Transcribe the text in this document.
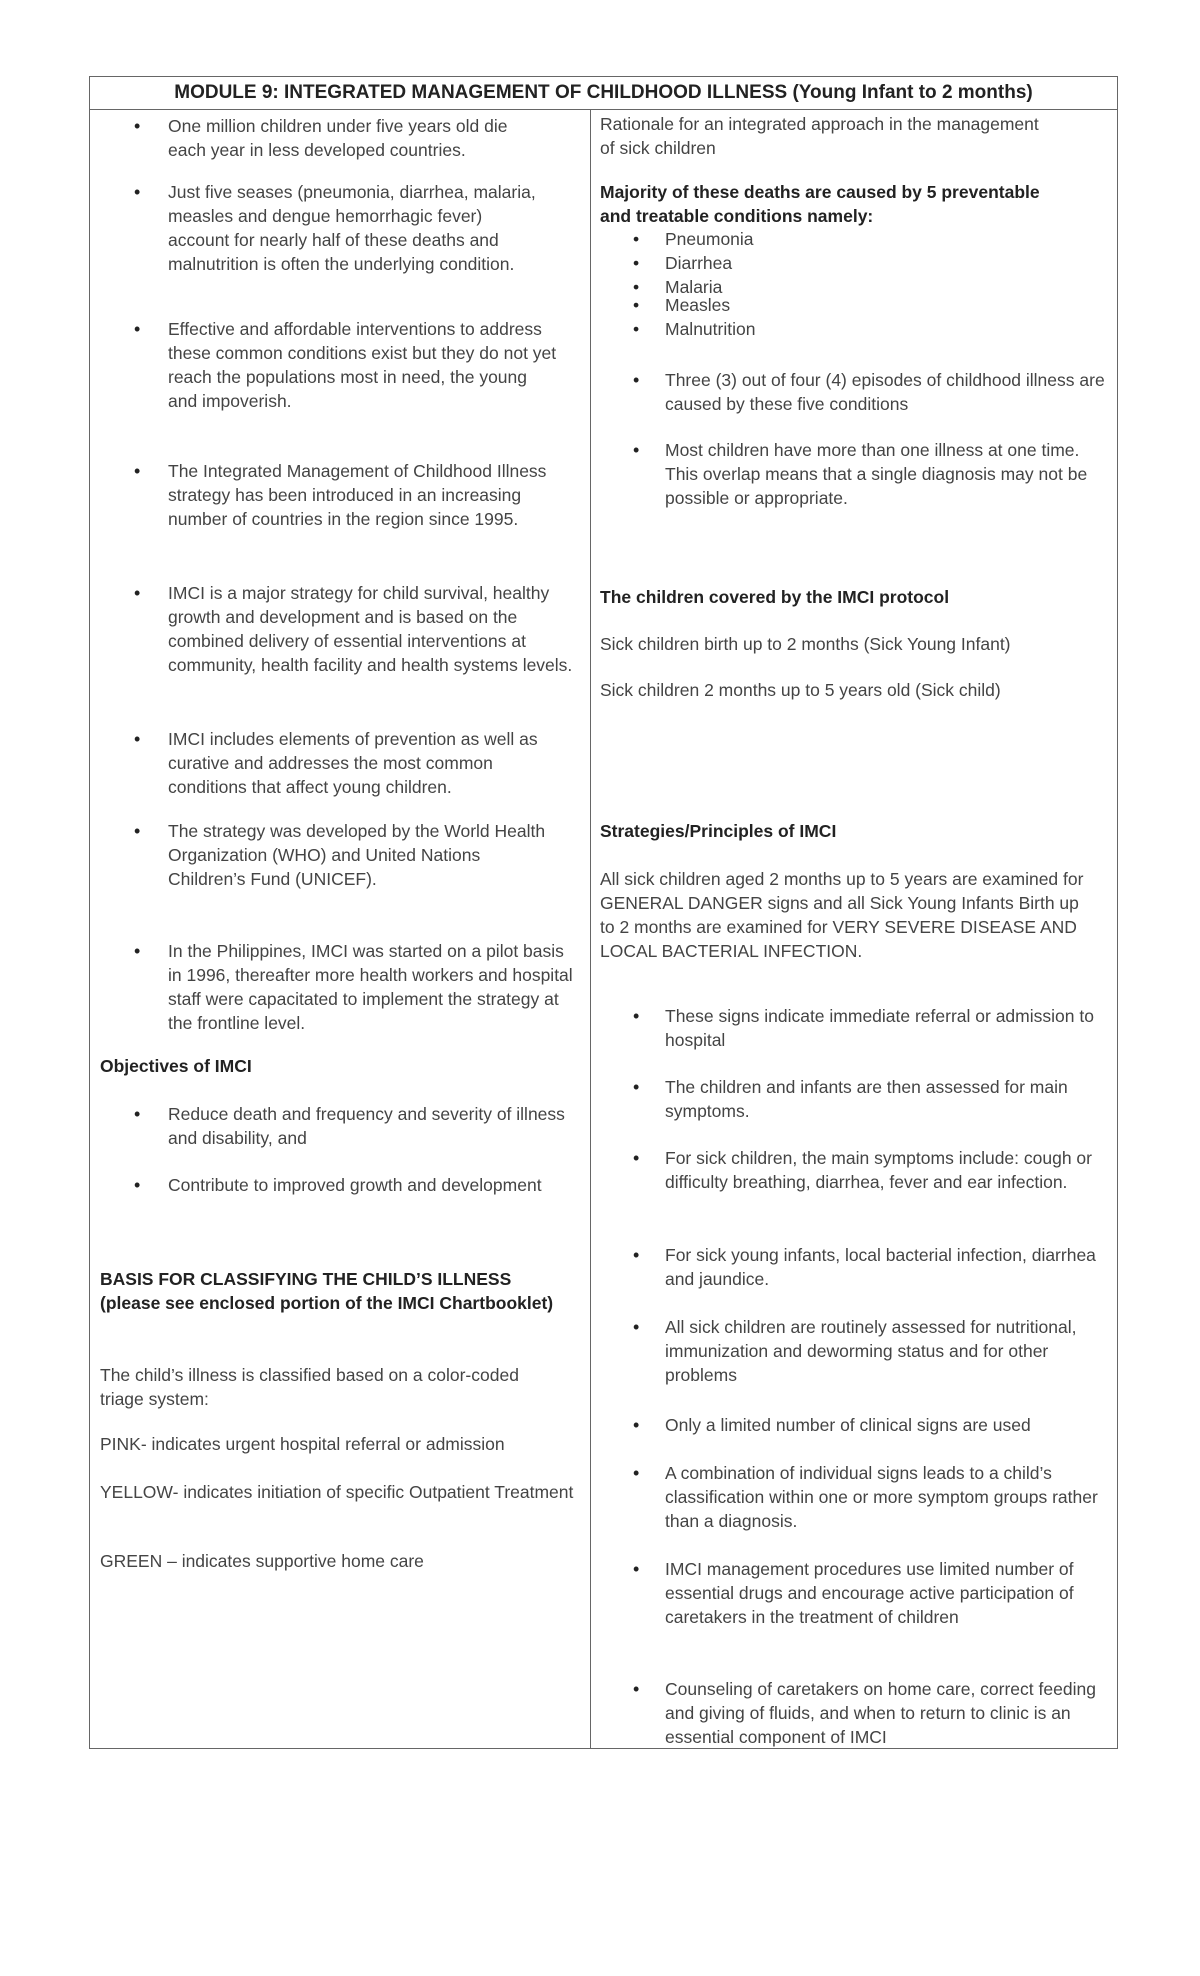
MODULE 9: INTEGRATED MANAGEMENT OF CHILDHOOD ILLNESS (Young Infant to 2 months)
• One million children under five years old die each year in less developed countries.
• Just five seases (pneumonia, diarrhea, malaria, measles and dengue hemorrhagic fever) account for nearly half of these deaths and malnutrition is often the underlying condition.
• Effective and affordable interventions to address these common conditions exist but they do not yet reach the populations most in need, the young and impoverish.
• The Integrated Management of Childhood Illness strategy has been introduced in an increasing number of countries in the region since 1995.
• IMCI is a major strategy for child survival, healthy growth and development and is based on the combined delivery of essential interventions at community, health facility and health systems levels.
• IMCI includes elements of prevention as well as curative and addresses the most common conditions that affect young children.
• The strategy was developed by the World Health Organization (WHO) and United Nations Children’s Fund (UNICEF).
• In the Philippines, IMCI was started on a pilot basis in 1996, thereafter more health workers and hospital staff were capacitated to implement the strategy at the frontline level.
Objectives of IMCI
• Reduce death and frequency and severity of illness and disability, and
• Contribute to improved growth and development
BASIS FOR CLASSIFYING THE CHILD’S ILLNESS (please see enclosed portion of the IMCI Chartbooklet)
The child’s illness is classified based on a color-coded triage system:
PINK- indicates urgent hospital referral or admission
YELLOW- indicates initiation of specific Outpatient Treatment
GREEN – indicates supportive home care
Rationale for an integrated approach in the management of sick children
Majority of these deaths are caused by 5 preventable and treatable conditions namely:
• Pneumonia
• Diarrhea
• Malaria
• Measles
• Malnutrition
• Three (3) out of four (4) episodes of childhood illness are caused by these five conditions
• Most children have more than one illness at one time. This overlap means that a single diagnosis may not be possible or appropriate.
The children covered by the IMCI protocol
Sick children birth up to 2 months (Sick Young Infant)
Sick children 2 months up to 5 years old (Sick child)
Strategies/Principles of IMCI
All sick children aged 2 months up to 5 years are examined for GENERAL DANGER signs and all Sick Young Infants Birth up to 2 months are examined for VERY SEVERE DISEASE AND LOCAL BACTERIAL INFECTION.
• These signs indicate immediate referral or admission to hospital
• The children and infants are then assessed for main symptoms.
• For sick children, the main symptoms include: cough or difficulty breathing, diarrhea, fever and ear infection.
• For sick young infants, local bacterial infection, diarrhea and jaundice.
• All sick children are routinely assessed for nutritional, immunization and deworming status and for other problems
• Only a limited number of clinical signs are used
• A combination of individual signs leads to a child’s classification within one or more symptom groups rather than a diagnosis.
• IMCI management procedures use limited number of essential drugs and encourage active participation of caretakers in the treatment of children
• Counseling of caretakers on home care, correct feeding and giving of fluids, and when to return to clinic is an essential component of IMCI
